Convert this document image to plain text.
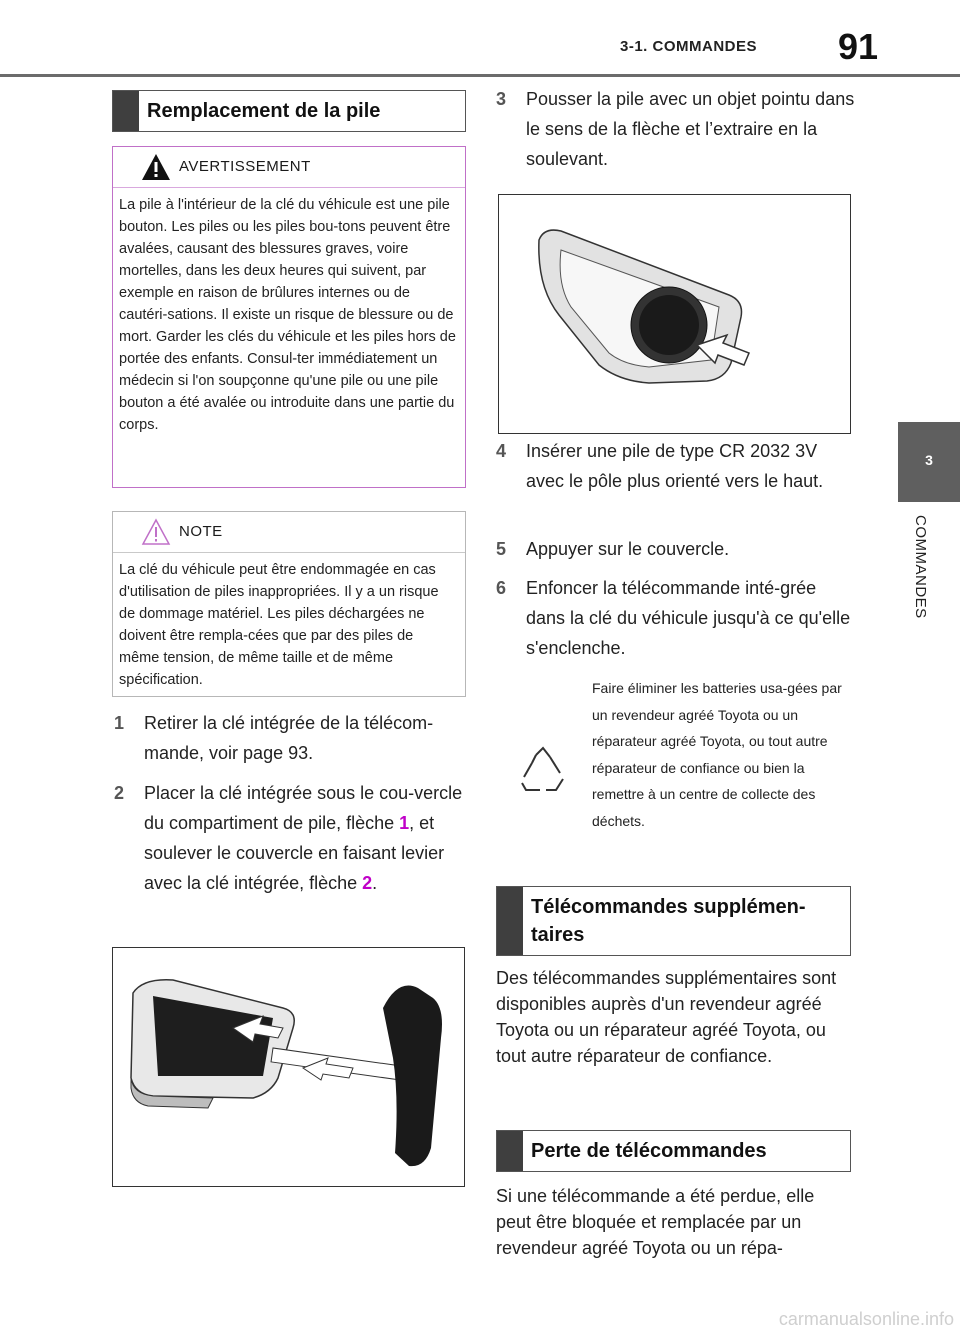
3-1. COMMANDES 91
3
COMMANDES
Remplacement de la pile
AVERTISSEMENT
La pile à l'intérieur de la clé du véhicule est une pile bouton. Les piles ou les piles bou-tons peuvent être avalées, causant des blessures graves, voire mortelles, dans les deux heures qui suivent, par exemple en raison de brûlures internes ou de cautéri-sations. Il existe un risque de blessure ou de mort. Garder les clés du véhicule et les piles hors de portée des enfants. Consul-ter immédiatement un médecin si l'on soupçonne qu'une pile ou une pile bouton a été avalée ou introduite dans une partie du corps.
NOTE
La clé du véhicule peut être endommagée en cas d'utilisation de piles inappropriées. Il y a un risque de dommage matériel. Les piles déchargées ne doivent être rempla-cées que par des piles de même tension, de même taille et de même spécification.
1 Retirer la clé intégrée de la télécom-mande, voir page 93.
2 Placer la clé intégrée sous le cou-vercle du compartiment de pile, flèche 1, et soulever le couvercle en faisant levier avec la clé intégrée, flèche 2.
3 Pousser la pile avec un objet pointu dans le sens de la flèche et l’extraire en la soulevant.
4 Insérer une pile de type CR 2032 3V avec le pôle plus orienté vers le haut.
5 Appuyer sur le couvercle.
6 Enfoncer la télécommande inté-grée dans la clé du véhicule jusqu'à ce qu'elle s'enclenche.
Faire éliminer les batteries usa-gées par un revendeur agréé Toyota ou un réparateur agréé Toyota, ou tout autre réparateur de confiance ou bien la remettre à un centre de collecte des déchets.
Télécommandes supplémen-
taires
Des télécommandes supplémentaires sont disponibles auprès d'un revendeur agréé Toyota ou un réparateur agréé Toyota, ou tout autre réparateur de confiance.
Perte de télécommandes
Si une télécommande a été perdue, elle peut être bloquée et remplacée par un revendeur agréé Toyota ou un répa-
carmanualsonline.info
